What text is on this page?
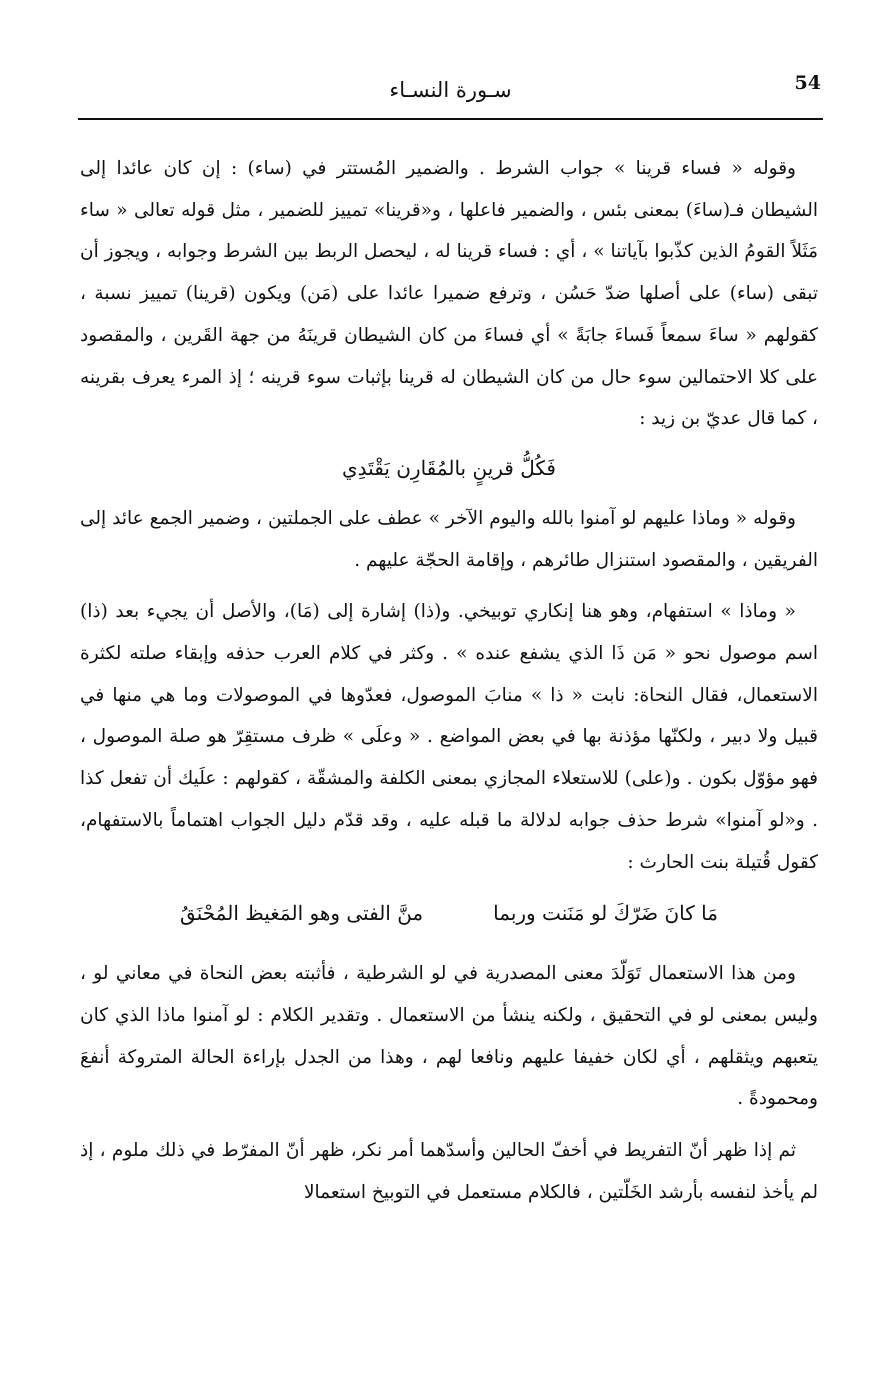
54
سـورة النسـاء

وقوله « فساء قرينا » جواب الشرط . والضمير المُستتر في (ساء) : إن كان عائدا إلى الشيطان فـ(ساءَ) بمعنى بئس ، والضمير فاعلها ، و«قرينا» تمييز للضمير ، مثل قوله تعالى « ساء مَثَلاً القومُ الذين كذّبوا بآياتنا » ، أي : فساء قرينا له ، ليحصل الربط بين الشرط وجوابه ، ويجوز أن تبقى (ساء) على أصلها ضدّ حَسُن ، وترفع ضميرا عائدا على (مَن) ويكون (قرينا) تمييز نسبة ، كقولهم « ساءَ سمعاً فَساءَ جابَةً » أي فساءَ من كان الشيطان قرينَهُ من جهة القَرين ، والمقصود على كلا الاحتمالين سوء حال من كان الشيطان له قرينا بإثبات سوء قرينه ؛ إذ المرء يعرف بقرينه ، كما قال عديّ بن زيد :

فَكُلُّ قرينٍ بالمُقَارِن يَقْتَدِي

وقوله « وماذا عليهم لو آمنوا بالله واليوم الآخر » عطف على الجملتين ، وضمير الجمع عائد إلى الفريقين ، والمقصود استنزال طائرهم ، وإقامة الحجّة عليهم .

« وماذا » استفهام، وهو هنا إنكاري توبيخي. و(ذا) إشارة إلى (مَا)، والأصل أن يجيء بعد (ذا) اسم موصول نحو « مَن ذَا الذي يشفع عنده » . وكثر في كلام العرب حذفه وإبقاء صلته لكثرة الاستعمال، فقال النحاة: نابت « ذا » منابَ الموصول، فعدّوها في الموصولات وما هي منها في قبيل ولا دبير ، ولكنّها مؤذنة بها في بعض المواضع . « وعلَى » ظرف مستقِرّ هو صلة الموصول ، فهو مؤوّل بكون . و(على) للاستعلاء المجازي بمعنى الكلفة والمشقّة ، كقولهم : علَيك أن تفعل كذا . و«لو آمنوا» شرط حذف جوابه لدلالة ما قبله عليه ، وقد قدّم دليل الجواب اهتماماً بالاستفهام، كقول قُتيلة بنت الحارث :

مَا كانَ ضَرّكَ لو مَنَنت وربما
منَّ الفتى وهو المَغيظ المُحْنَقُ

ومن هذا الاستعمال تَوَلّدَ معنى المصدرية في لو الشرطية ، فأثبته بعض النحاة في معاني لو ، وليس بمعنى لو في التحقيق ، ولكنه ينشأ من الاستعمال . وتقدير الكلام : لو آمنوا ماذا الذي كان يتعبهم ويثقلهم ، أي لكان خفيفا عليهم ونافعا لهم ، وهذا من الجدل بإراءة الحالة المتروكة أنفعَ ومحمودةً .

ثم إذا ظهر أنّ التفريط في أخفّ الحالين وأسدّهما أمر نكر، ظهر أنّ المفرّط في ذلك ملوم ، إذ لم يأخذ لنفسه بأرشد الخَلّتين ، فالكلام مستعمل في التوبيخ استعمالا
